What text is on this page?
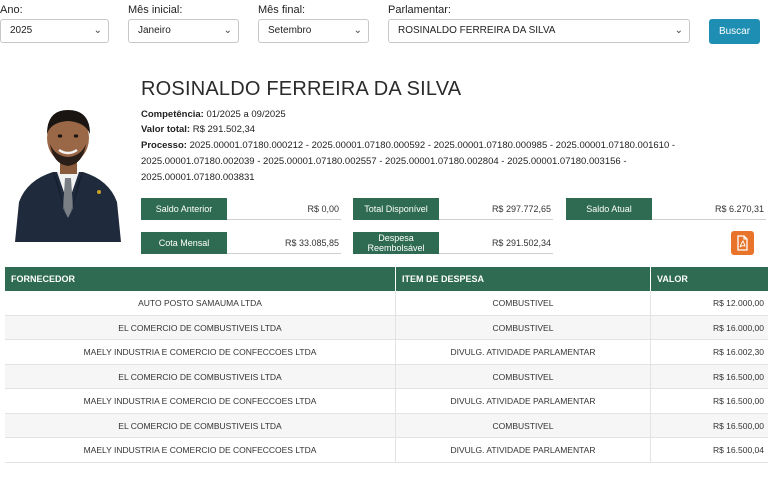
Ano:
2025	⌄
Mês inicial:
Janeiro	⌄
Mês final:
Setembro	⌄
Parlamentar:
ROSINALDO FERREIRA DA SILVA	⌄	Buscar
ROSINALDO FERREIRA DA SILVA
Competência: 01/2025 a 09/2025
Valor total: R$ 291.502,34
Processo: 2025.00001.07180.000212 - 2025.00001.07180.000592 - 2025.00001.07180.000985 - 2025.00001.07180.001610 - 2025.00001.07180.002039 - 2025.00001.07180.002557 - 2025.00001.07180.002804 - 2025.00001.07180.003156 - 2025.00001.07180.003831
Saldo Anterior	R$ 0,00	Total Disponível	R$ 297.772,65	Saldo Atual	R$ 6.270,31
Cota Mensal	R$ 33.085,85	Despesa Reembolsável	R$ 291.502,34
FORNECEDOR	ITEM DE DESPESA	VALOR
AUTO POSTO SAMAUMA LTDA	COMBUSTIVEL	R$ 12.000,00
EL COMERCIO DE COMBUSTIVEIS LTDA	COMBUSTIVEL	R$ 16.000,00
MAELY INDUSTRIA E COMERCIO DE CONFECCOES LTDA	DIVULG. ATIVIDADE PARLAMENTAR	R$ 16.002,30
EL COMERCIO DE COMBUSTIVEIS LTDA	COMBUSTIVEL	R$ 16.500,00
MAELY INDUSTRIA E COMERCIO DE CONFECCOES LTDA	DIVULG. ATIVIDADE PARLAMENTAR	R$ 16.500,00
EL COMERCIO DE COMBUSTIVEIS LTDA	COMBUSTIVEL	R$ 16.500,00
MAELY INDUSTRIA E COMERCIO DE CONFECCOES LTDA	DIVULG. ATIVIDADE PARLAMENTAR	R$ 16.500,04
